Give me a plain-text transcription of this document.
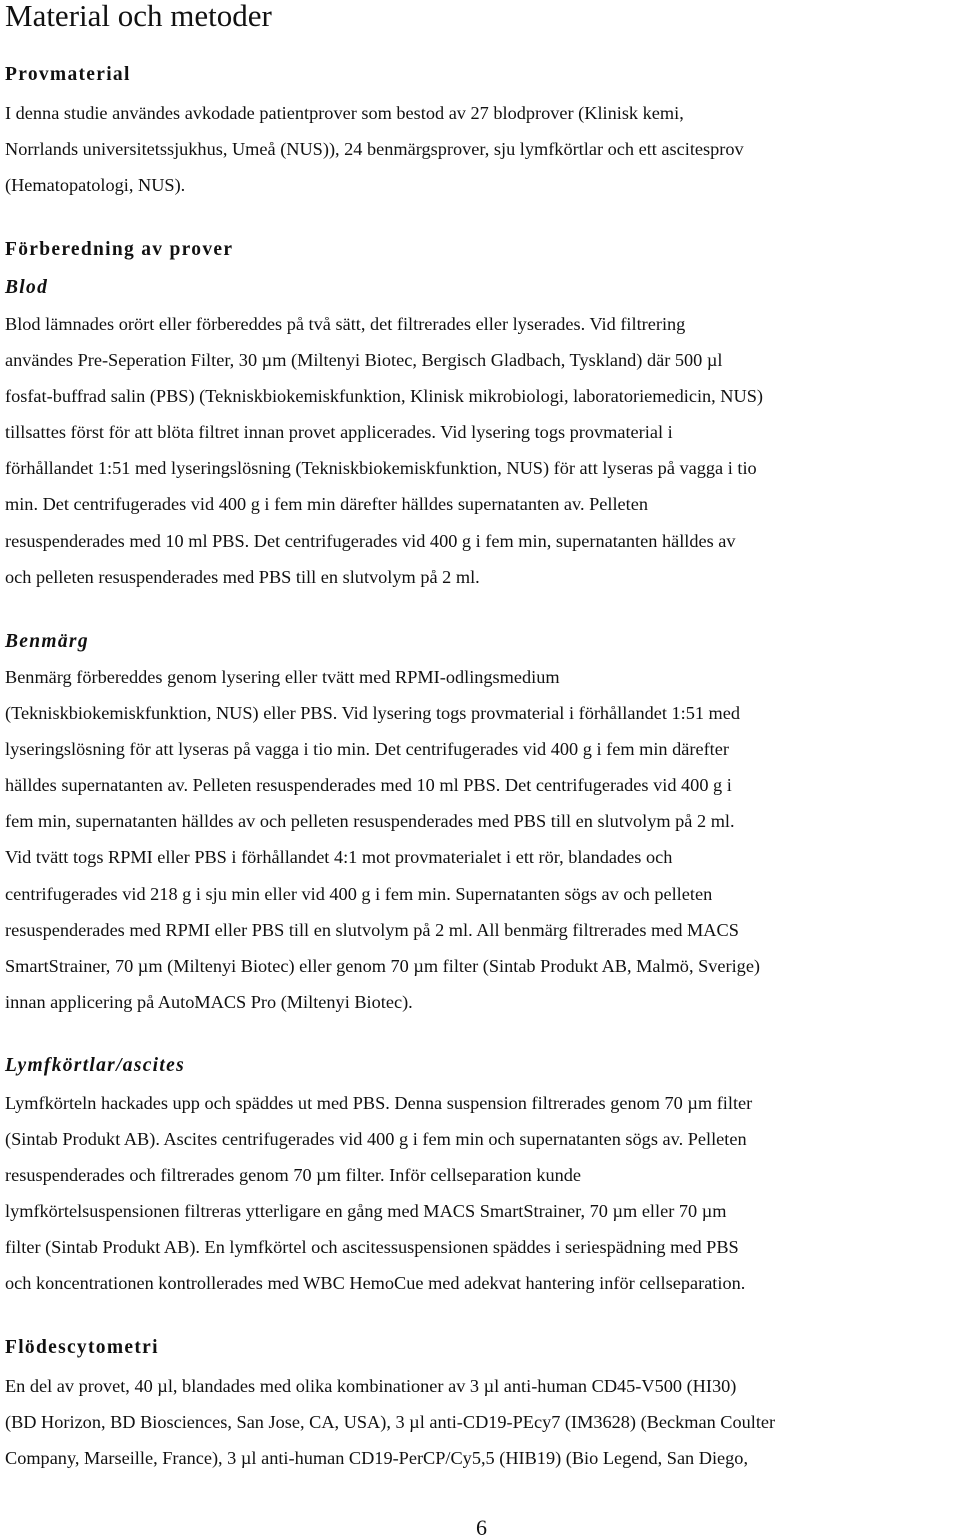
Material och metoder
Provmaterial

I denna studie användes avkodade patientprover som bestod av 27 blodprover (Klinisk kemi,
Norrlands universitetssjukhus, Umeå (NUS)), 24 benmärgsprover, sju lymfkörtlar och ett ascitesprov
(Hematopatologi, NUS).

Förberedning av prover
Blod

Blod lämnades orört eller förbereddes på två sätt, det filtrerades eller lyserades. Vid filtrering
användes Pre-Seperation Filter, 30 µm (Miltenyi Biotec, Bergisch Gladbach, Tyskland) där 500 µl
fosfat-buffrad salin (PBS) (Tekniskbiokemiskfunktion, Klinisk mikrobiologi, laboratoriemedicin, NUS)
tillsattes först för att blöta filtret innan provet applicerades. Vid lysering togs provmaterial i
förhållandet 1:51 med lyseringslösning (Tekniskbiokemiskfunktion, NUS) för att lyseras på vagga i tio
min. Det centrifugerades vid 400 g i fem min därefter hälldes supernatanten av. Pelleten
resuspenderades med 10 ml PBS. Det centrifugerades vid 400 g i fem min, supernatanten hälldes av
och pelleten resuspenderades med PBS till en slutvolym på 2 ml.

Benmärg

Benmärg förbereddes genom lysering eller tvätt med RPMI-odlingsmedium
(Tekniskbiokemiskfunktion, NUS) eller PBS. Vid lysering togs provmaterial i förhållandet 1:51 med
lyseringslösning för att lyseras på vagga i tio min. Det centrifugerades vid 400 g i fem min därefter
hälldes supernatanten av. Pelleten resuspenderades med 10 ml PBS. Det centrifugerades vid 400 g i
fem min, supernatanten hälldes av och pelleten resuspenderades med PBS till en slutvolym på 2 ml.
Vid tvätt togs RPMI eller PBS i förhållandet 4:1 mot provmaterialet i ett rör, blandades och
centrifugerades vid 218 g i sju min eller vid 400 g i fem min. Supernatanten sögs av och pelleten
resuspenderades med RPMI eller PBS till en slutvolym på 2 ml. All benmärg filtrerades med MACS
SmartStrainer, 70 µm (Miltenyi Biotec) eller genom 70 µm filter (Sintab Produkt AB, Malmö, Sverige)
innan applicering på AutoMACS Pro (Miltenyi Biotec).

Lymfkörtlar/ascites

Lymfkörteln hackades upp och späddes ut med PBS. Denna suspension filtrerades genom 70 µm filter
(Sintab Produkt AB). Ascites centrifugerades vid 400 g i fem min och supernatanten sögs av. Pelleten
resuspenderades och filtrerades genom 70 µm filter. Inför cellseparation kunde
lymfkörtelsuspensionen filtreras ytterligare en gång med MACS SmartStrainer, 70 µm eller 70 µm
filter (Sintab Produkt AB). En lymfkörtel och ascitessuspensionen späddes i seriespädning med PBS
och koncentrationen kontrollerades med WBC HemoCue med adekvat hantering inför cellseparation.

Flödescytometri

En del av provet, 40 µl, blandades med olika kombinationer av 3 µl anti-human CD45-V500 (HI30)
(BD Horizon, BD Biosciences, San Jose, CA, USA), 3 µl anti-CD19-PEcy7 (IM3628) (Beckman Coulter
Company, Marseille, France), 3 µl anti-human CD19-PerCP/Cy5,5 (HIB19) (Bio Legend, San Diego,

6
